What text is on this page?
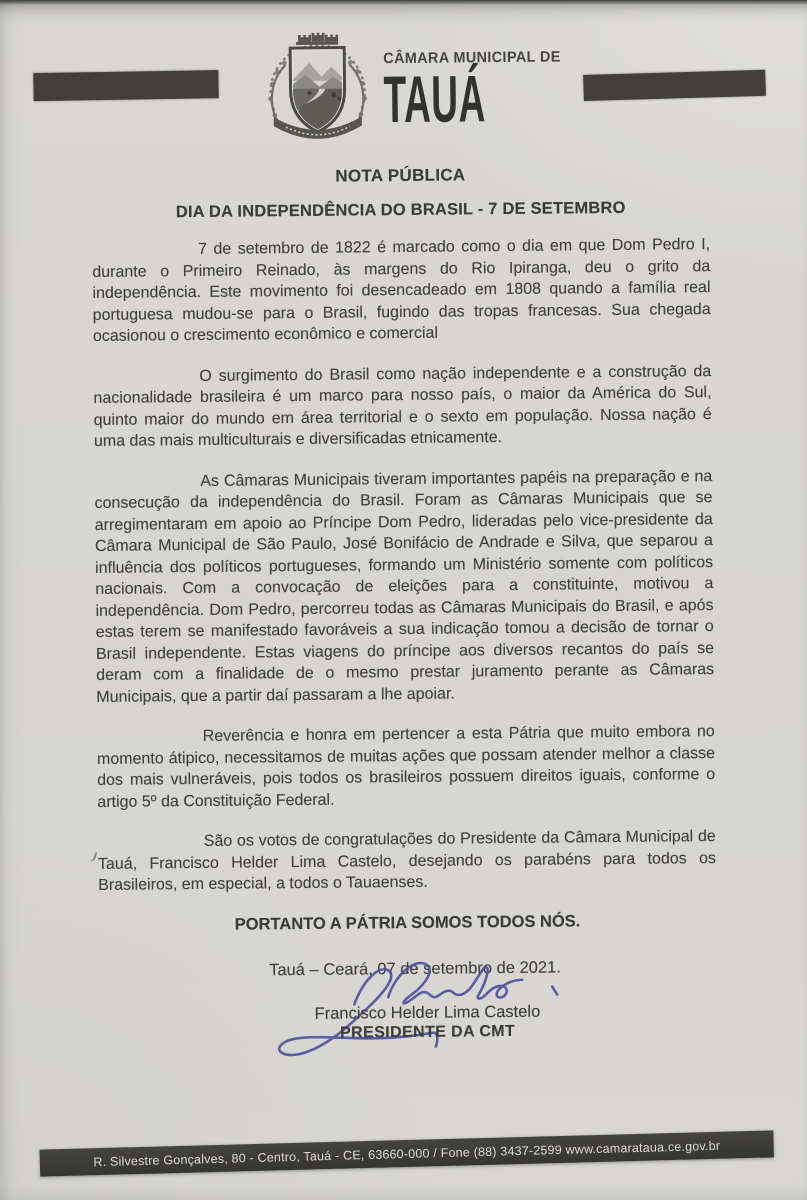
CÂMARA MUNICIPAL DE
TAUÁ
NOTA PÚBLICA
DIA DA INDEPENDÊNCIA DO BRASIL - 7 DE SETEMBRO

7 de setembro de 1822 é marcado como o dia em que Dom Pedro I, durante o Primeiro Reinado, às margens do Rio Ipiranga, deu o grito da independência. Este movimento foi desencadeado em 1808 quando a família real portuguesa mudou-se para o Brasil, fugindo das tropas francesas. Sua chegada ocasionou o crescimento econômico e comercial

O surgimento do Brasil como nação independente e a construção da nacionalidade brasileira é um marco para nosso país, o maior da América do Sul, quinto maior do mundo em área territorial e o sexto em população. Nossa nação é uma das mais multiculturais e diversificadas etnicamente.

As Câmaras Municipais tiveram importantes papéis na preparação e na consecução da independência do Brasil. Foram as Câmaras Municipais que se arregimentaram em apoio ao Príncipe Dom Pedro, lideradas pelo vice-presidente da Câmara Municipal de São Paulo, José Bonifácio de Andrade e Silva, que separou a influência dos políticos portugueses, formando um Ministério somente com políticos nacionais. Com a convocação de eleições para a constituinte, motivou a independência. Dom Pedro, percorreu todas as Câmaras Municipais do Brasil, e após estas terem se manifestado favoráveis a sua indicação tomou a decisão de tornar o Brasil independente. Estas viagens do príncipe aos diversos recantos do país se deram com a finalidade de o mesmo prestar juramento perante as Câmaras Municipais, que a partir daí passaram a lhe apoiar.

Reverência e honra em pertencer a esta Pátria que muito embora no momento átipico, necessitamos de muitas ações que possam atender melhor a classe dos mais vulneráveis, pois todos os brasileiros possuem direitos iguais, conforme o artigo 5º da Constituição Federal.

São os votos de congratulações do Presidente da Câmara Municipal de Tauá, Francisco Helder Lima Castelo, desejando os parabéns para todos os Brasileiros, em especial, a todos o Tauaenses.

PORTANTO A PÁTRIA SOMOS TODOS NÓS.

Tauá – Ceará, 07 de setembro de 2021.

Francisco Helder Lima Castelo
PRESIDENTE DA CMT
R. Silvestre Gonçalves, 80 - Centro, Tauá - CE, 63660-000 / Fone (88) 3437-2599 www.camarataua.ce.gov.br
